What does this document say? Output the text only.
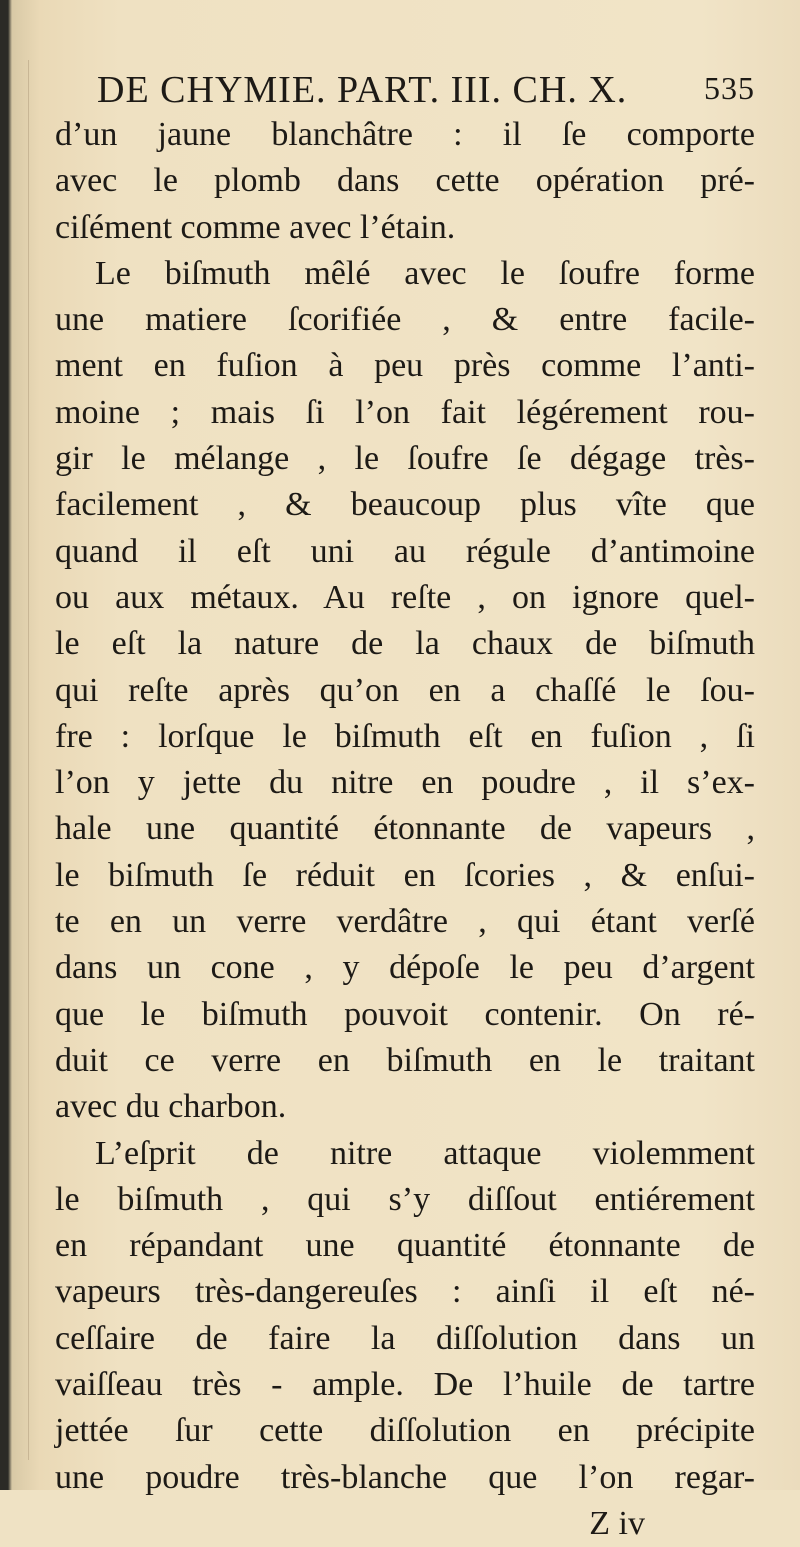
DE CHYMIE. PART. III. CH. X. 535
d’un jaune blanchâtre : il ſe comporte
avec le plomb dans cette opération pré-
ciſément comme avec l’étain.
Le biſmuth mêlé avec le ſoufre forme
une matiere ſcorifiée , & entre facile-
ment en fuſion à peu près comme l’anti-
moine ; mais ſi l’on fait légérement rou-
gir le mélange , le ſoufre ſe dégage très-
facilement , & beaucoup plus vîte que
quand il eſt uni au régule d’antimoine
ou aux métaux. Au reſte , on ignore quel-
le eſt la nature de la chaux de biſmuth
qui reſte après qu’on en a chaſſé le ſou-
fre : lorſque le biſmuth eſt en fuſion , ſi
l’on y jette du nitre en poudre , il s’ex-
hale une quantité étonnante de vapeurs ,
le biſmuth ſe réduit en ſcories , & enſui-
te en un verre verdâtre , qui étant verſé
dans un cone , y dépoſe le peu d’argent
que le biſmuth pouvoit contenir. On ré-
duit ce verre en biſmuth en le traitant
avec du charbon.
L’eſprit de nitre attaque violemment
le biſmuth , qui s’y diſſout entiérement
en répandant une quantité étonnante de
vapeurs très-dangereuſes : ainſi il eſt né-
ceſſaire de faire la diſſolution dans un
vaiſſeau très - ample. De l’huile de tartre
jettée ſur cette diſſolution en précipite
une poudre très-blanche que l’on regar-
Z iv
